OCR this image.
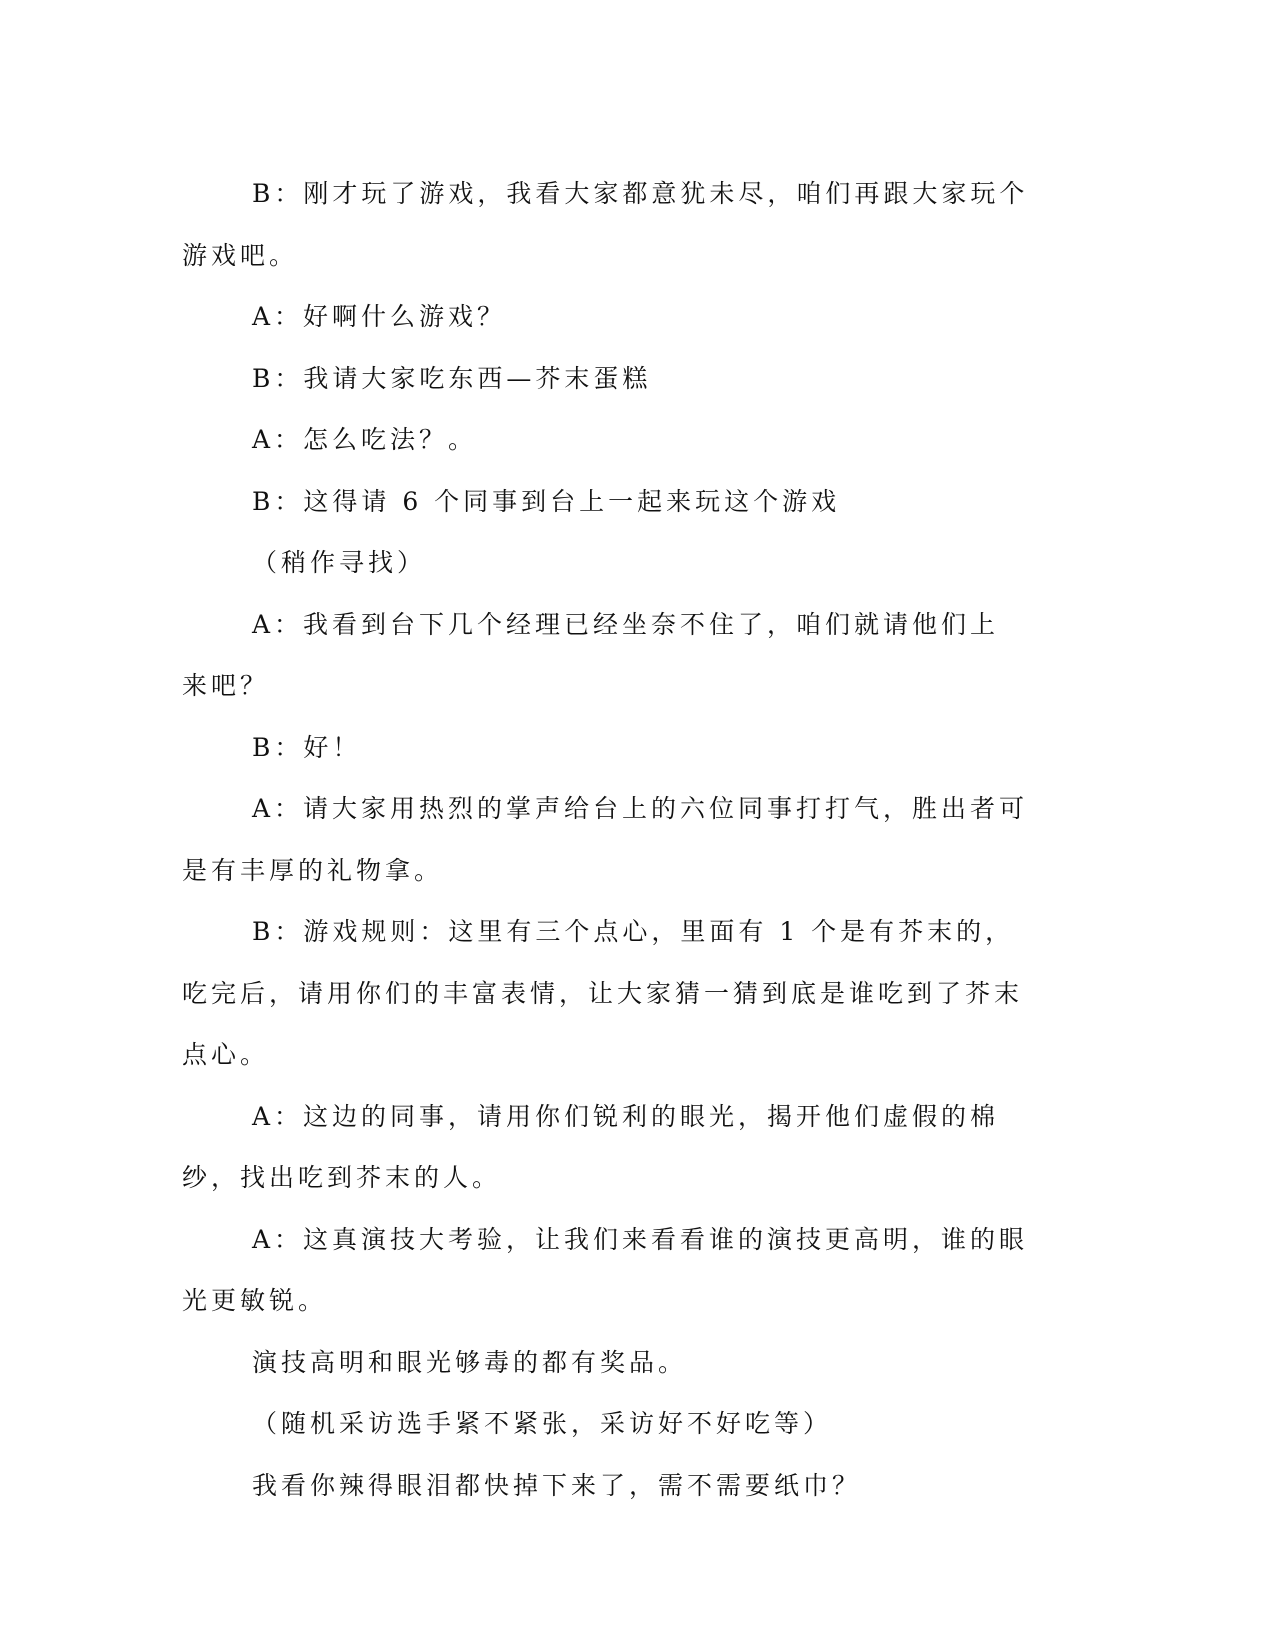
B：刚才玩了游戏，我看大家都意犹未尽，咱们再跟大家玩个游戏吧。

A：好啊什么游戏？

B：我请大家吃东西—芥末蛋糕

A：怎么吃法？。

B：这得请 6 个同事到台上一起来玩这个游戏

（稍作寻找）

A：我看到台下几个经理已经坐奈不住了，咱们就请他们上来吧？

B：好！

A：请大家用热烈的掌声给台上的六位同事打打气，胜出者可是有丰厚的礼物拿。

B：游戏规则：这里有三个点心，里面有 1 个是有芥末的，吃完后，请用你们的丰富表情，让大家猜一猜到底是谁吃到了芥末点心。

A：这边的同事，请用你们锐利的眼光，揭开他们虚假的棉纱，找出吃到芥末的人。

A：这真演技大考验，让我们来看看谁的演技更高明，谁的眼光更敏锐。

演技高明和眼光够毒的都有奖品。

（随机采访选手紧不紧张，采访好不好吃等）

我看你辣得眼泪都快掉下来了，需不需要纸巾？
